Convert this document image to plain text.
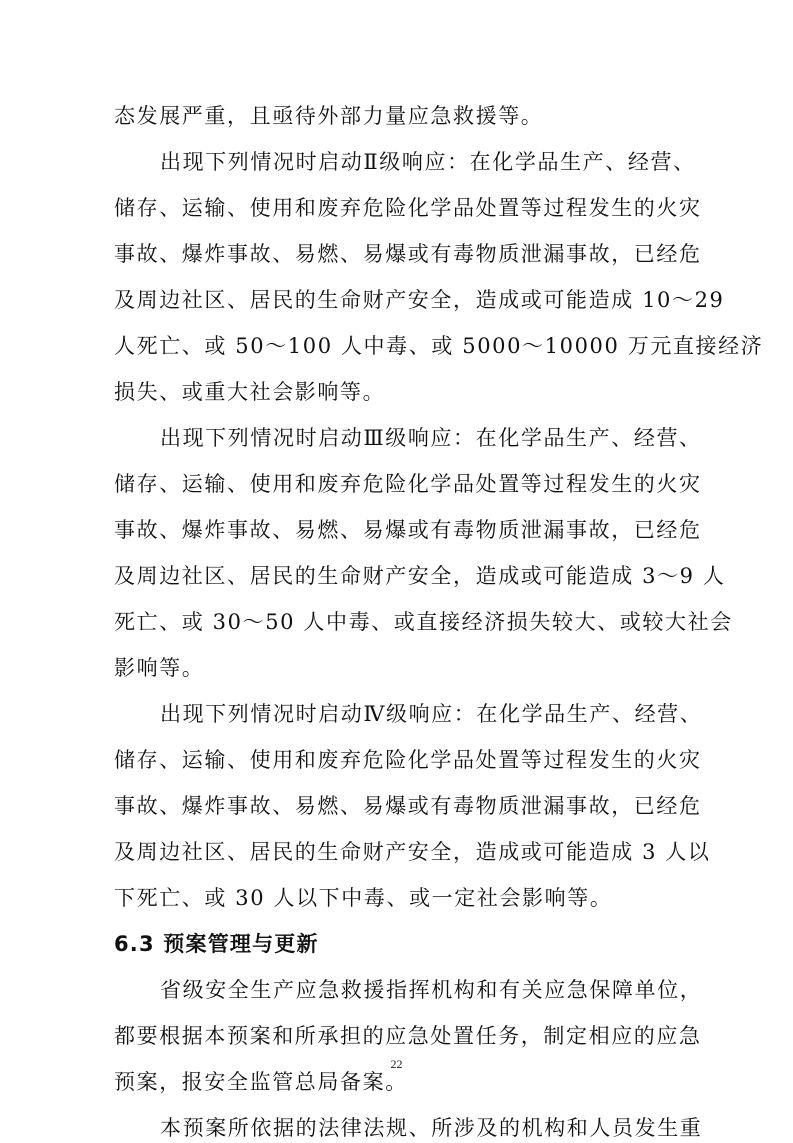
态发展严重，且亟待外部力量应急救援等。
出现下列情况时启动Ⅱ级响应：在化学品生产、经营、
储存、运输、使用和废弃危险化学品处置等过程发生的火灾
事故、爆炸事故、易燃、易爆或有毒物质泄漏事故，已经危
及周边社区、居民的生命财产安全，造成或可能造成 10～29
人死亡、或 50～100 人中毒、或 5000～10000 万元直接经济
损失、或重大社会影响等。
出现下列情况时启动Ⅲ级响应：在化学品生产、经营、
储存、运输、使用和废弃危险化学品处置等过程发生的火灾
事故、爆炸事故、易燃、易爆或有毒物质泄漏事故，已经危
及周边社区、居民的生命财产安全，造成或可能造成 3～9 人
死亡、或 30～50 人中毒、或直接经济损失较大、或较大社会
影响等。
出现下列情况时启动Ⅳ级响应：在化学品生产、经营、
储存、运输、使用和废弃危险化学品处置等过程发生的火灾
事故、爆炸事故、易燃、易爆或有毒物质泄漏事故，已经危
及周边社区、居民的生命财产安全，造成或可能造成 3 人以
下死亡、或 30 人以下中毒、或一定社会影响等。
6.3 预案管理与更新
省级安全生产应急救援指挥机构和有关应急保障单位，
都要根据本预案和所承担的应急处置任务，制定相应的应急
预案，报安全监管总局备案。
本预案所依据的法律法规、所涉及的机构和人员发生重
22
